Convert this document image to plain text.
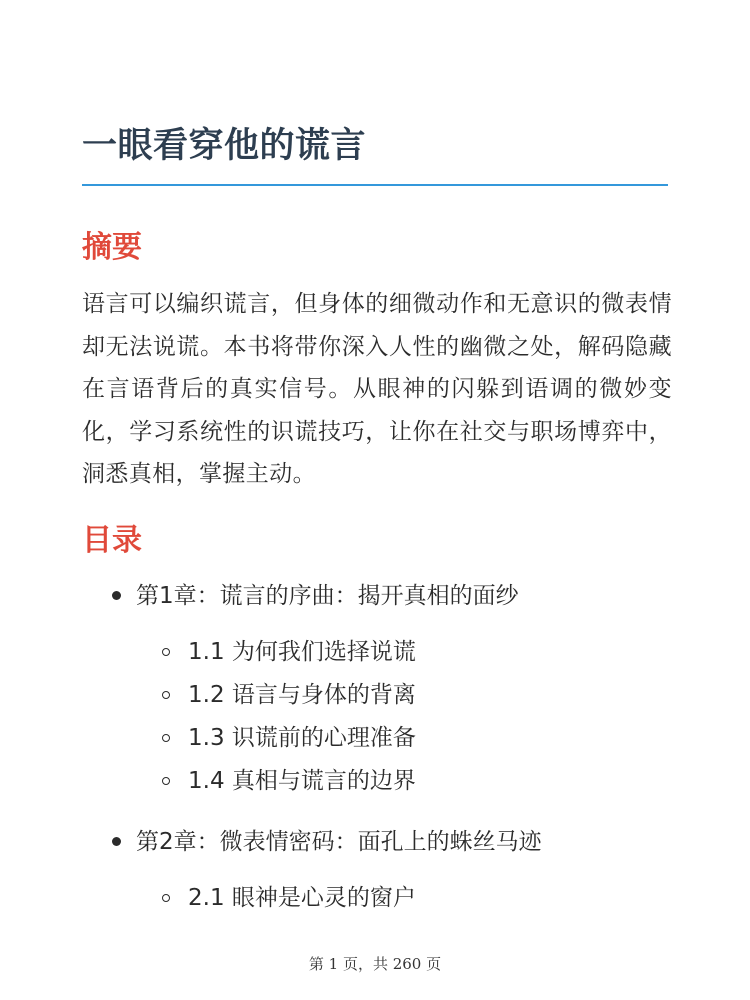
一眼看穿他的谎言
摘要

语言可以编织谎言，但身体的细微动作和无意识的微表情却无法说谎。本书将带你深入人性的幽微之处，解码隐藏在言语背后的真实信号。从眼神的闪躲到语调的微妙变化，学习系统性的识谎技巧，让你在社交与职场博弈中，洞悉真相，掌握主动。

目录
第1章：谎言的序曲：揭开真相的面纱
1.1 为何我们选择说谎
1.2 语言与身体的背离
1.3 识谎前的心理准备
1.4 真相与谎言的边界
第2章：微表情密码：面孔上的蛛丝马迹
2.1 眼神是心灵的窗户
第 1 页，共 260 页
